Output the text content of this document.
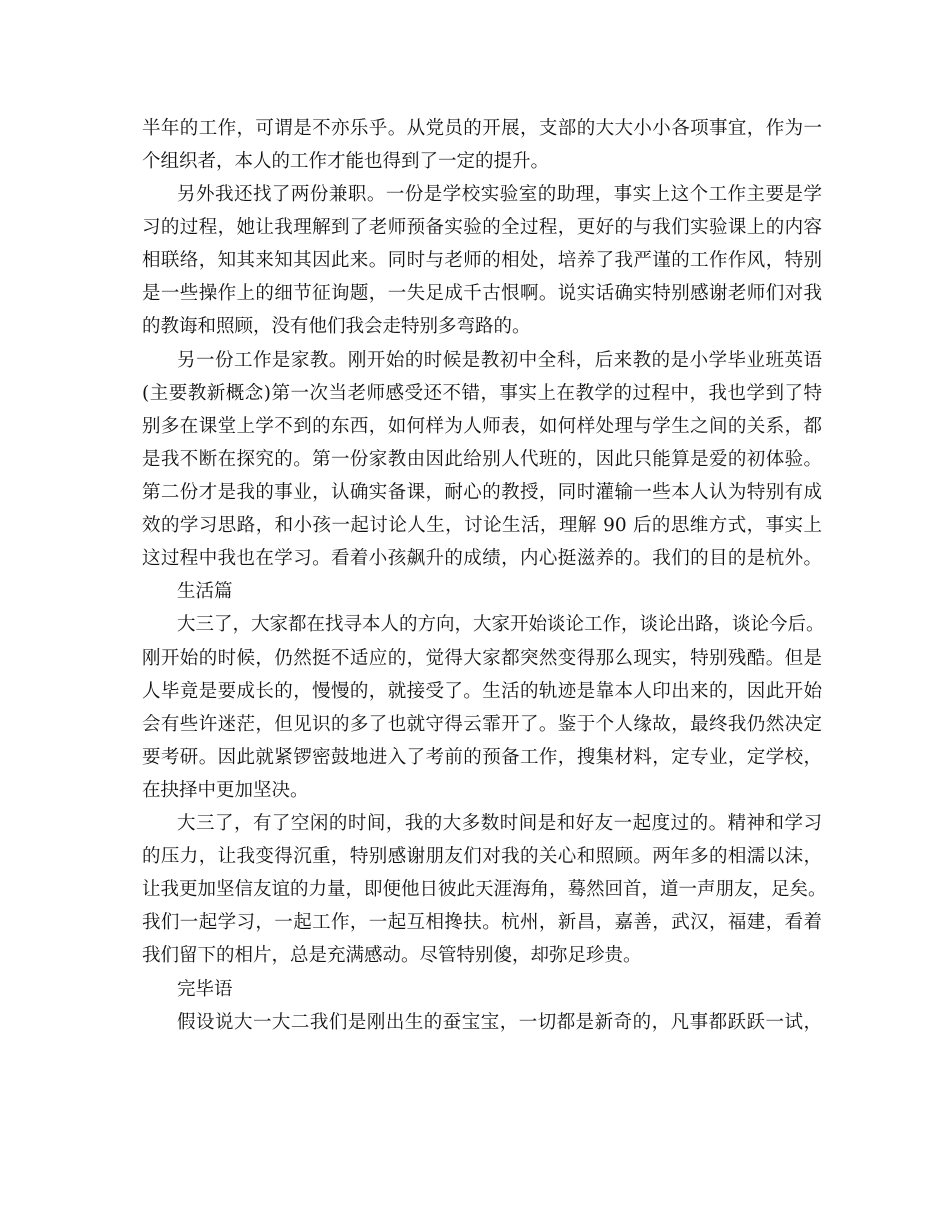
半年的工作，可谓是不亦乐乎。从党员的开展，支部的大大小小各项事宜，作为一
个组织者，本人的工作才能也得到了一定的提升。
另外我还找了两份兼职。一份是学校实验室的助理，事实上这个工作主要是学
习的过程，她让我理解到了老师预备实验的全过程，更好的与我们实验课上的内容
相联络，知其来知其因此来。同时与老师的相处，培养了我严谨的工作作风，特别
是一些操作上的细节征询题，一失足成千古恨啊。说实话确实特别感谢老师们对我
的教诲和照顾，没有他们我会走特别多弯路的。
另一份工作是家教。刚开始的时候是教初中全科，后来教的是小学毕业班英语
(主要教新概念)第一次当老师感受还不错，事实上在教学的过程中，我也学到了特
别多在课堂上学不到的东西，如何样为人师表，如何样处理与学生之间的关系，都
是我不断在探究的。第一份家教由因此给别人代班的，因此只能算是爱的初体验。
第二份才是我的事业，认确实备课，耐心的教授，同时灌输一些本人认为特别有成
效的学习思路，和小孩一起讨论人生，讨论生活，理解 90 后的思维方式，事实上
这过程中我也在学习。看着小孩飙升的成绩，内心挺滋养的。我们的目的是杭外。
生活篇
大三了，大家都在找寻本人的方向，大家开始谈论工作，谈论出路，谈论今后。
刚开始的时候，仍然挺不适应的，觉得大家都突然变得那么现实，特别残酷。但是
人毕竟是要成长的，慢慢的，就接受了。生活的轨迹是靠本人印出来的，因此开始
会有些许迷茫，但见识的多了也就守得云霏开了。鉴于个人缘故，最终我仍然决定
要考研。因此就紧锣密鼓地进入了考前的预备工作，搜集材料，定专业，定学校，
在抉择中更加坚决。
大三了，有了空闲的时间，我的大多数时间是和好友一起度过的。精神和学习
的压力，让我变得沉重，特别感谢朋友们对我的关心和照顾。两年多的相濡以沫，
让我更加坚信友谊的力量，即便他日彼此天涯海角，蓦然回首，道一声朋友，足矣。
我们一起学习，一起工作，一起互相搀扶。杭州，新昌，嘉善，武汉，福建，看着
我们留下的相片，总是充满感动。尽管特别傻，却弥足珍贵。
完毕语
假设说大一大二我们是刚出生的蚕宝宝，一切都是新奇的，凡事都跃跃一试，
